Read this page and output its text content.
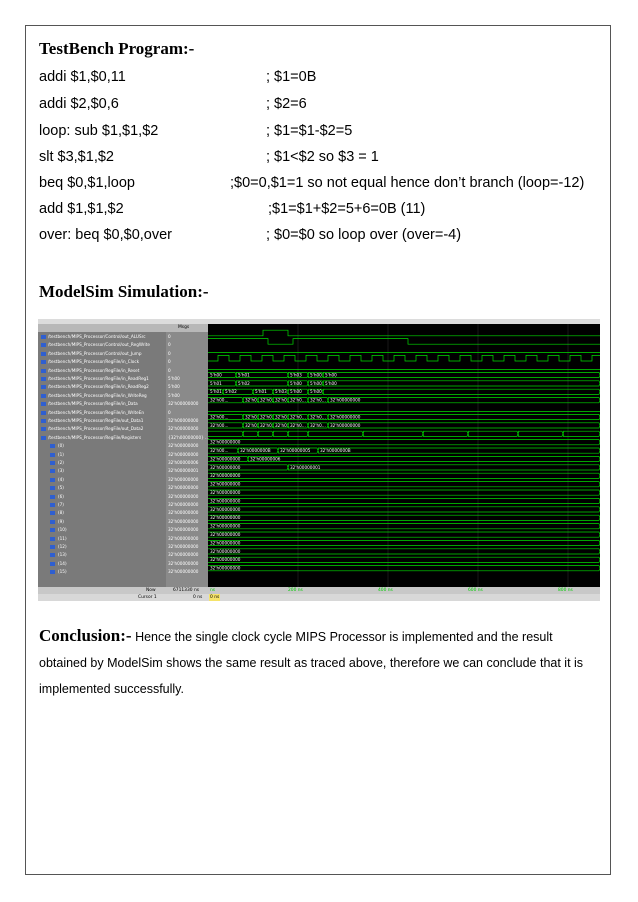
TestBench Program:-
addi $1,$0,11	; $1=0B
addi $2,$0,6	; $2=6
loop: sub $1,$1,$2	; $1=$1-$2=5
slt $3,$1,$2	; $1<$2 so $3 = 1
beq $0,$1,loop	;$0=0,$1=1 so not equal hence don’t branch (loop=-12)
add $1,$1,$2	;$1=$1+$2=5+6=0B (11)
over: beq $0,$0,over	; $0=$0 so loop over (over=-4)
ModelSim Simulation:-
Msgs
5'h00	5'h01	5'h03 5'h00 5'h00
5'h01	5'h02	5'h00 5'h00 5'h00
5'h01 5'h02	5'h01 5'h03 5'h00 5'h00
32'h00...	32'h0... 32'h0... 32'h0... 32'h0... 32'h0... 32'h00000000
32'h00...	32'h0... 32'h0... 32'h0... 32'h0... 32'h0... 32'h00000000
32'h00...	32'h0... 32'h0... 32'h0... 32'h0... 32'h0... 32'h00000000
32'h00...	32'h0000000B 32'h00000005 32'h0000000B
32'h00000000 32'h00000006
32'h00000000	32'h00000001
32'h00000000
32'h00000000
32'h00000000
32'h00000000
32'h00000000
32'h00000000
32'h00000000
32'h00000000
32'h00000000
32'h00000000
32'h00000000
32'h00000000
32'h00000000
/testbench/MIPS_Processor/Control/out_ALUSrc	0
/testbench/MIPS_Processor/Control/out_RegWrite	0
/testbench/MIPS_Processor/Control/out_Jump	0
/testbench/MIPS_Processor/RegFile/in_Clock	0
/testbench/MIPS_Processor/RegFile/in_Reset	0
/testbench/MIPS_Processor/RegFile/in_ReadReg1	5'h00
/testbench/MIPS_Processor/RegFile/in_ReadReg2	5'h00
/testbench/MIPS_Processor/RegFile/in_WriteReg	5'h00
/testbench/MIPS_Processor/RegFile/in_Data	32'h00000000
/testbench/MIPS_Processor/RegFile/in_WriteEn	0
/testbench/MIPS_Processor/RegFile/out_Data1	32'h00000000
/testbench/MIPS_Processor/RegFile/out_Data2	32'h00000000
/testbench/MIPS_Processor/RegFile/Registers	{32'h00000000} ...
(0)	32'h00000000
(1)	32'h00000000
(2)	32'h00000006
(3)	32'h00000001
(4)	32'h00000000
(5)	32'h00000000
(6)	32'h00000000
(7)	32'h00000000
(8)	32'h00000000
(9)	32'h00000000
(10)	32'h00000000
(11)	32'h00000000
(12)	32'h00000000
(13)	32'h00000000
(14)	32'h00000000
(15)	32'h00000000
Now	6711330 ns ns	200 ns	400 ns	600 ns	800 ns
Cursor 1	0 ns 0 ns
Conclusion:- Hence the single clock cycle MIPS Processor is implemented and the result obtained by ModelSim shows the same result as traced above, therefore we can conclude that it is implemented successfully.
